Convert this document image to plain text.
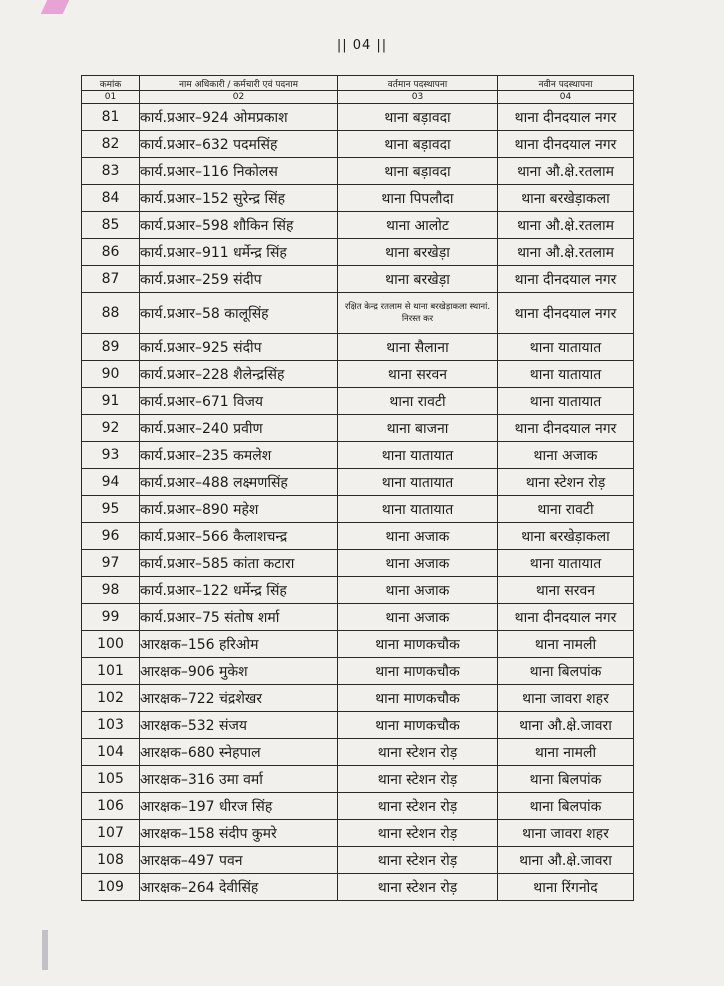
|| 04 ||
कमांक	नाम अधिकारी / कर्मचारी एवं पदनाम	वर्तमान पदस्थापना	नवीन पदस्थापना
01	02	03	04
81	कार्य.प्रआर–924 ओमप्रकाश	थाना बड़ावदा	थाना दीनदयाल नगर
82	कार्य.प्रआर–632 पदमसिंह	थाना बड़ावदा	थाना दीनदयाल नगर
83	कार्य.प्रआर–116 निकोलस	थाना बड़ावदा	थाना औ.क्षे.रतलाम
84	कार्य.प्रआर–152 सुरेन्द्र सिंह	थाना पिपलौदा	थाना बरखेड़ाकला
85	कार्य.प्रआर–598 शौकिन सिंह	थाना आलोट	थाना औ.क्षे.रतलाम
86	कार्य.प्रआर–911 धर्मेन्द्र सिंह	थाना बरखेड़ा	थाना औ.क्षे.रतलाम
87	कार्य.प्रआर–259 संदीप	थाना बरखेड़ा	थाना दीनदयाल नगर
88	कार्य.प्रआर–58 कालूसिंह	रक्षित केन्द्र रतलाम से थाना बरखेड़ाकला स्थानां. निरस्त कर	थाना दीनदयाल नगर
89	कार्य.प्रआर–925 संदीप	थाना सैलाना	थाना यातायात
90	कार्य.प्रआर–228 शैलेन्द्रसिंह	थाना सरवन	थाना यातायात
91	कार्य.प्रआर–671 विजय	थाना रावटी	थाना यातायात
92	कार्य.प्रआर–240 प्रवीण	थाना बाजना	थाना दीनदयाल नगर
93	कार्य.प्रआर–235 कमलेश	थाना यातायात	थाना अजाक
94	कार्य.प्रआर–488 लक्ष्मणसिंह	थाना यातायात	थाना स्टेशन रोड़
95	कार्य.प्रआर–890 महेश	थाना यातायात	थाना रावटी
96	कार्य.प्रआर–566 कैलाशचन्द्र	थाना अजाक	थाना बरखेड़ाकला
97	कार्य.प्रआर–585 कांता कटारा	थाना अजाक	थाना यातायात
98	कार्य.प्रआर–122 धर्मेन्द्र सिंह	थाना अजाक	थाना सरवन
99	कार्य.प्रआर–75 संतोष शर्मा	थाना अजाक	थाना दीनदयाल नगर
100	आरक्षक–156 हरिओम	थाना माणकचौक	थाना नामली
101	आरक्षक–906 मुकेश	थाना माणकचौक	थाना बिलपांक
102	आरक्षक–722 चंद्रशेखर	थाना माणकचौक	थाना जावरा शहर
103	आरक्षक–532 संजय	थाना माणकचौक	थाना औ.क्षे.जावरा
104	आरक्षक–680 स्नेहपाल	थाना स्टेशन रोड़	थाना नामली
105	आरक्षक–316 उमा वर्मा	थाना स्टेशन रोड़	थाना बिलपांक
106	आरक्षक–197 धीरज सिंह	थाना स्टेशन रोड़	थाना बिलपांक
107	आरक्षक–158 संदीप कुमरे	थाना स्टेशन रोड़	थाना जावरा शहर
108	आरक्षक–497 पवन	थाना स्टेशन रोड़	थाना औ.क्षे.जावरा
109	आरक्षक–264 देवीसिंह	थाना स्टेशन रोड़	थाना रिंगनोद
